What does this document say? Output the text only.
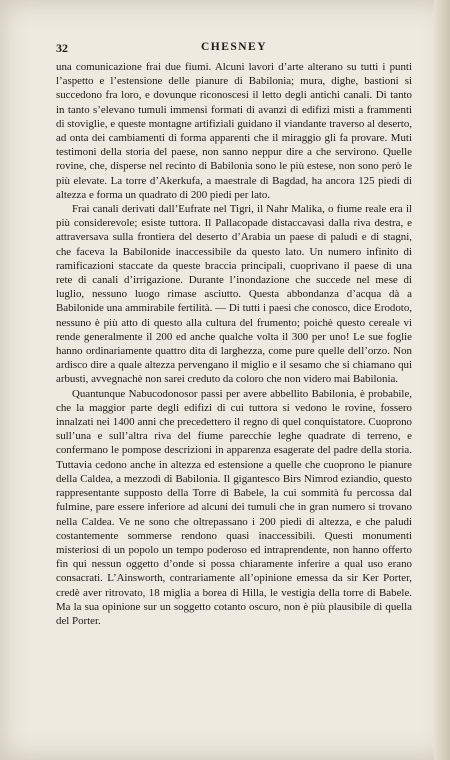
CHESNEY
32

una comunicazione frai due fiumi. Alcuni lavori d’arte alterano su tutti i punti l’aspetto e l’estensione delle pianure di Babilonia; mura, dighe, bastioni si succedono fra loro, e dovunque riconoscesi il letto degli antichi canali. Di tanto in tanto s’elevano tumuli immensi formati di avanzi di edifizi misti a frammenti di stoviglie, e queste montagne artifiziali guidano il viandante traverso al deserto, ad onta dei cambiamenti di forma apparenti che il miraggio gli fa provare. Muti testimoni della storia del paese, non sanno neppur dire a che servirono. Quelle rovine, che, disperse nel recinto di Babilonia sono le più estese, non sono però le più elevate. La torre d’Akerkufa, a maestrale di Bagdad, ha ancora 125 piedi di altezza e forma un quadrato di 200 piedi per lato.

Frai canali derivati dall’Eufrate nel Tigri, il Nahr Malika, o fiume reale era il più considerevole; esiste tuttora. Il Pallacopade distaccavasi dalla riva destra, e attraversava sulla frontiera del deserto d’Arabia un paese di paludi e di stagni, che faceva la Babilonide inaccessibile da questo lato. Un numero infinito di ramificazioni staccate da queste braccia principali, cuoprivano il paese di una rete di canali d’irrigazione. Durante l’inondazione che succede nel mese di luglio, nessuno luogo rimase asciutto. Questa abbondanza d’acqua dà a Babilonide una ammirabile fertilità. — Di tutti i paesi che conosco, dice Erodoto, nessuno è più atto di questo alla cultura del frumento; poichè questo cereale vi rende generalmente il 200 ed anche qualche volta il 300 per uno! Le sue foglie hanno ordinariamente quattro dita di larghezza, come pure quelle dell’orzo. Non ardisco dire a quale altezza pervengano il miglio e il sesamo che si chiamano qui arbusti, avvegnachè non sarei creduto da coloro che non videro mai Babilonia.

Quantunque Nabucodonosor passi per avere abbellito Babilonia, è probabile, che la maggior parte degli edifizi di cui tuttora si vedono le rovine, fossero innalzati nei 1400 anni che precedettero il regno di quel conquistatore. Cuoprono sull’una e sull’altra riva del fiume parecchie leghe quadrate di terreno, e confermano le pompose descrizioni in apparenza esagerate del padre della storia. Tuttavia cedono anche in altezza ed estensione a quelle che cuoprono le pianure della Caldea, a mezzodì di Babilonia. Il gigantesco Birs Nimrod eziandio, questo rappresentante supposto della Torre di Babele, la cui sommità fu percossa dal fulmine, pare essere inferiore ad alcuni dei tumuli che in gran numero si trovano nella Caldea. Ve ne sono che oltrepassano i 200 piedi di altezza, e che paludi costantemente sommerse rendono quasi inaccessibili. Questi monumenti misteriosi di un popolo un tempo poderoso ed intraprendente, non hanno offerto fin qui nessun oggetto d’onde si possa chiaramente inferire a qual uso erano consacrati. L’Ainsworth, contrariamente all’opinione emessa da sir Ker Porter, credè aver ritrovato, 18 miglia a borea di Hilla, le vestigia della torre di Babele. Ma la sua opinione sur un soggetto cotanto oscuro, non è più plausibile di quella del Porter.
